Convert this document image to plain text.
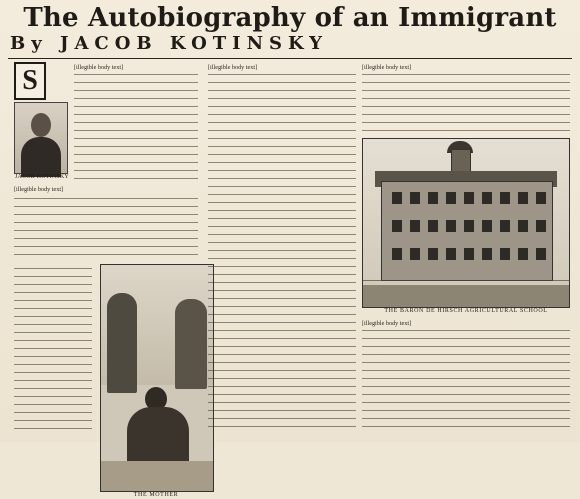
The Autobiography of an Immigrant
By JACOB KOTINSKY
S
JACOB KOTINSKY
[illegible body text]
[illegible body text]
THE MOTHER
[illegible body text]	[illegible body text]
THE BARON DE HIRSCH AGRICULTURAL SCHOOL
[illegible body text]
